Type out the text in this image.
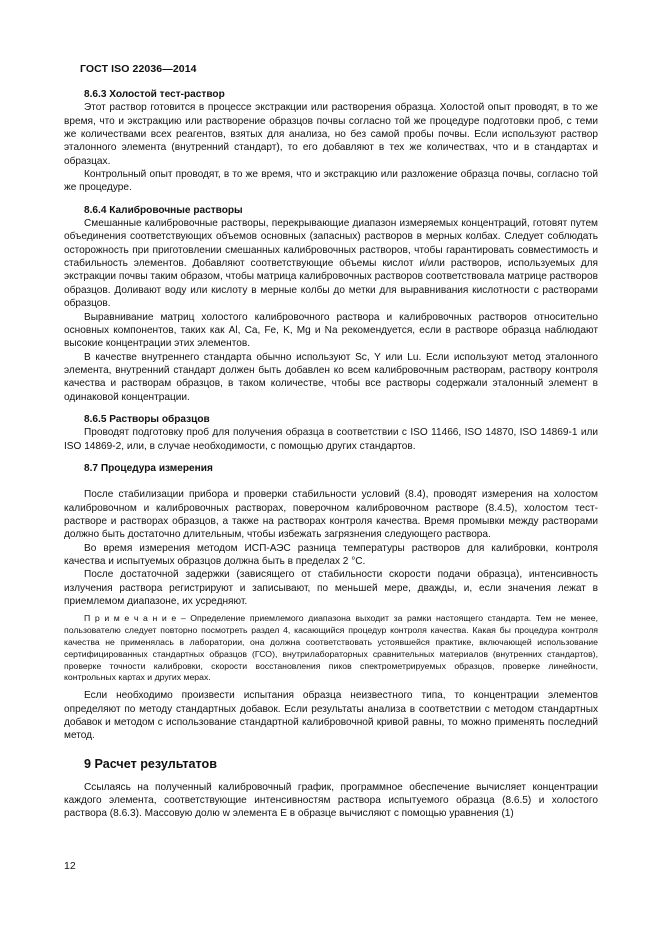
ГОСТ ISO 22036—2014
8.6.3 Холостой тест-раствор

Этот раствор готовится в процессе экстракции или растворения образца. Холостой опыт проводят, в то же время, что и экстракцию или растворение образцов почвы согласно той же процедуре подготовки проб, с теми же количествами всех реагентов, взятых для анализа, но без самой пробы почвы. Если используют раствор эталонного элемента (внутренний стандарт), то его добавляют в тех же количествах, что и в стандартах и образцах.

Контрольный опыт проводят, в то же время, что и экстракцию или разложение образца почвы, согласно той же процедуре.

8.6.4 Калибровочные растворы

Смешанные калибровочные растворы, перекрывающие диапазон измеряемых концентраций, готовят путем объединения соответствующих объемов основных (запасных) растворов в мерных колбах. Следует соблюдать осторожность при приготовлении смешанных калибровочных растворов, чтобы гарантировать совместимость и стабильность элементов. Добавляют соответствующие объемы кислот и/или растворов, используемых для экстракции почвы таким образом, чтобы матрица калибровочных растворов соответствовала матрице растворов образцов. Доливают воду или кислоту в мерные колбы до метки для выравнивания кислотности с растворами образцов.

Выравнивание матриц холостого калибровочного раствора и калибровочных растворов относительно основных компонентов, таких как Al, Ca, Fe, K, Mg и Na рекомендуется, если в растворе образца наблюдают высокие концентрации этих элементов.

В качестве внутреннего стандарта обычно используют Sc, Y или Lu. Если используют метод эталонного элемента, внутренний стандарт должен быть добавлен ко всем калибровочным растворам, раствору контроля качества и растворам образцов, в таком количестве, чтобы все растворы содержали эталонный элемент в одинаковой концентрации.

8.6.5 Растворы образцов

Проводят подготовку проб для получения образца в соответствии с ISO 11466, ISO 14870, ISO 14869-1 или ISO 14869-2, или, в случае необходимости, с помощью других стандартов.

8.7 Процедура измерения

После стабилизации прибора и проверки стабильности условий (8.4), проводят измерения на холостом калибровочном и калибровочных растворах, поверочном калибровочном растворе (8.4.5), холостом тест-растворе и растворах образцов, а также на растворах контроля качества. Время промывки между растворами должно быть достаточно длительным, чтобы избежать загрязнения следующего раствора.

Во время измерения методом ИСП-АЭС разница температуры растворов для калибровки, контроля качества и испытуемых образцов должна быть в пределах 2 °С.

После достаточной задержки (зависящего от стабильности скорости подачи образца), интенсивность излучения раствора регистрируют и записывают, по меньшей мере, дважды, и, если значения лежат в приемлемом диапазоне, их усредняют.

П р и м е ч а н и е – Определение приемлемого диапазона выходит за рамки настоящего стандарта. Тем не менее, пользователю следует повторно посмотреть раздел 4, касающийся процедур контроля качества. Какая бы процедура контроля качества не применялась в лаборатории, она должна соответствовать устоявшейся практике, включающей использование сертифицированных стандартных образцов (ГСО), внутрилабораторных сравнительных материалов (внутренних стандартов), проверке точности калибровки, скорости восстановления пиков спектрометрируемых образцов, проверке линейности, контрольных картах и других мерах.

Если необходимо произвести испытания образца неизвестного типа, то концентрации элементов определяют по методу стандартных добавок. Если результаты анализа в соответствии с методом стандартных добавок и методом с использование стандартной калибровочной кривой равны, то можно применять последний метод.

9 Расчет результатов

Ссылаясь на полученный калибровочный график, программное обеспечение вычисляет концентрации каждого элемента, соответствующие интенсивностям раствора испытуемого образца (8.6.5) и холостого раствора (8.6.3). Массовую долю w элемента E в образце вычисляют с помощью уравнения (1)

12
